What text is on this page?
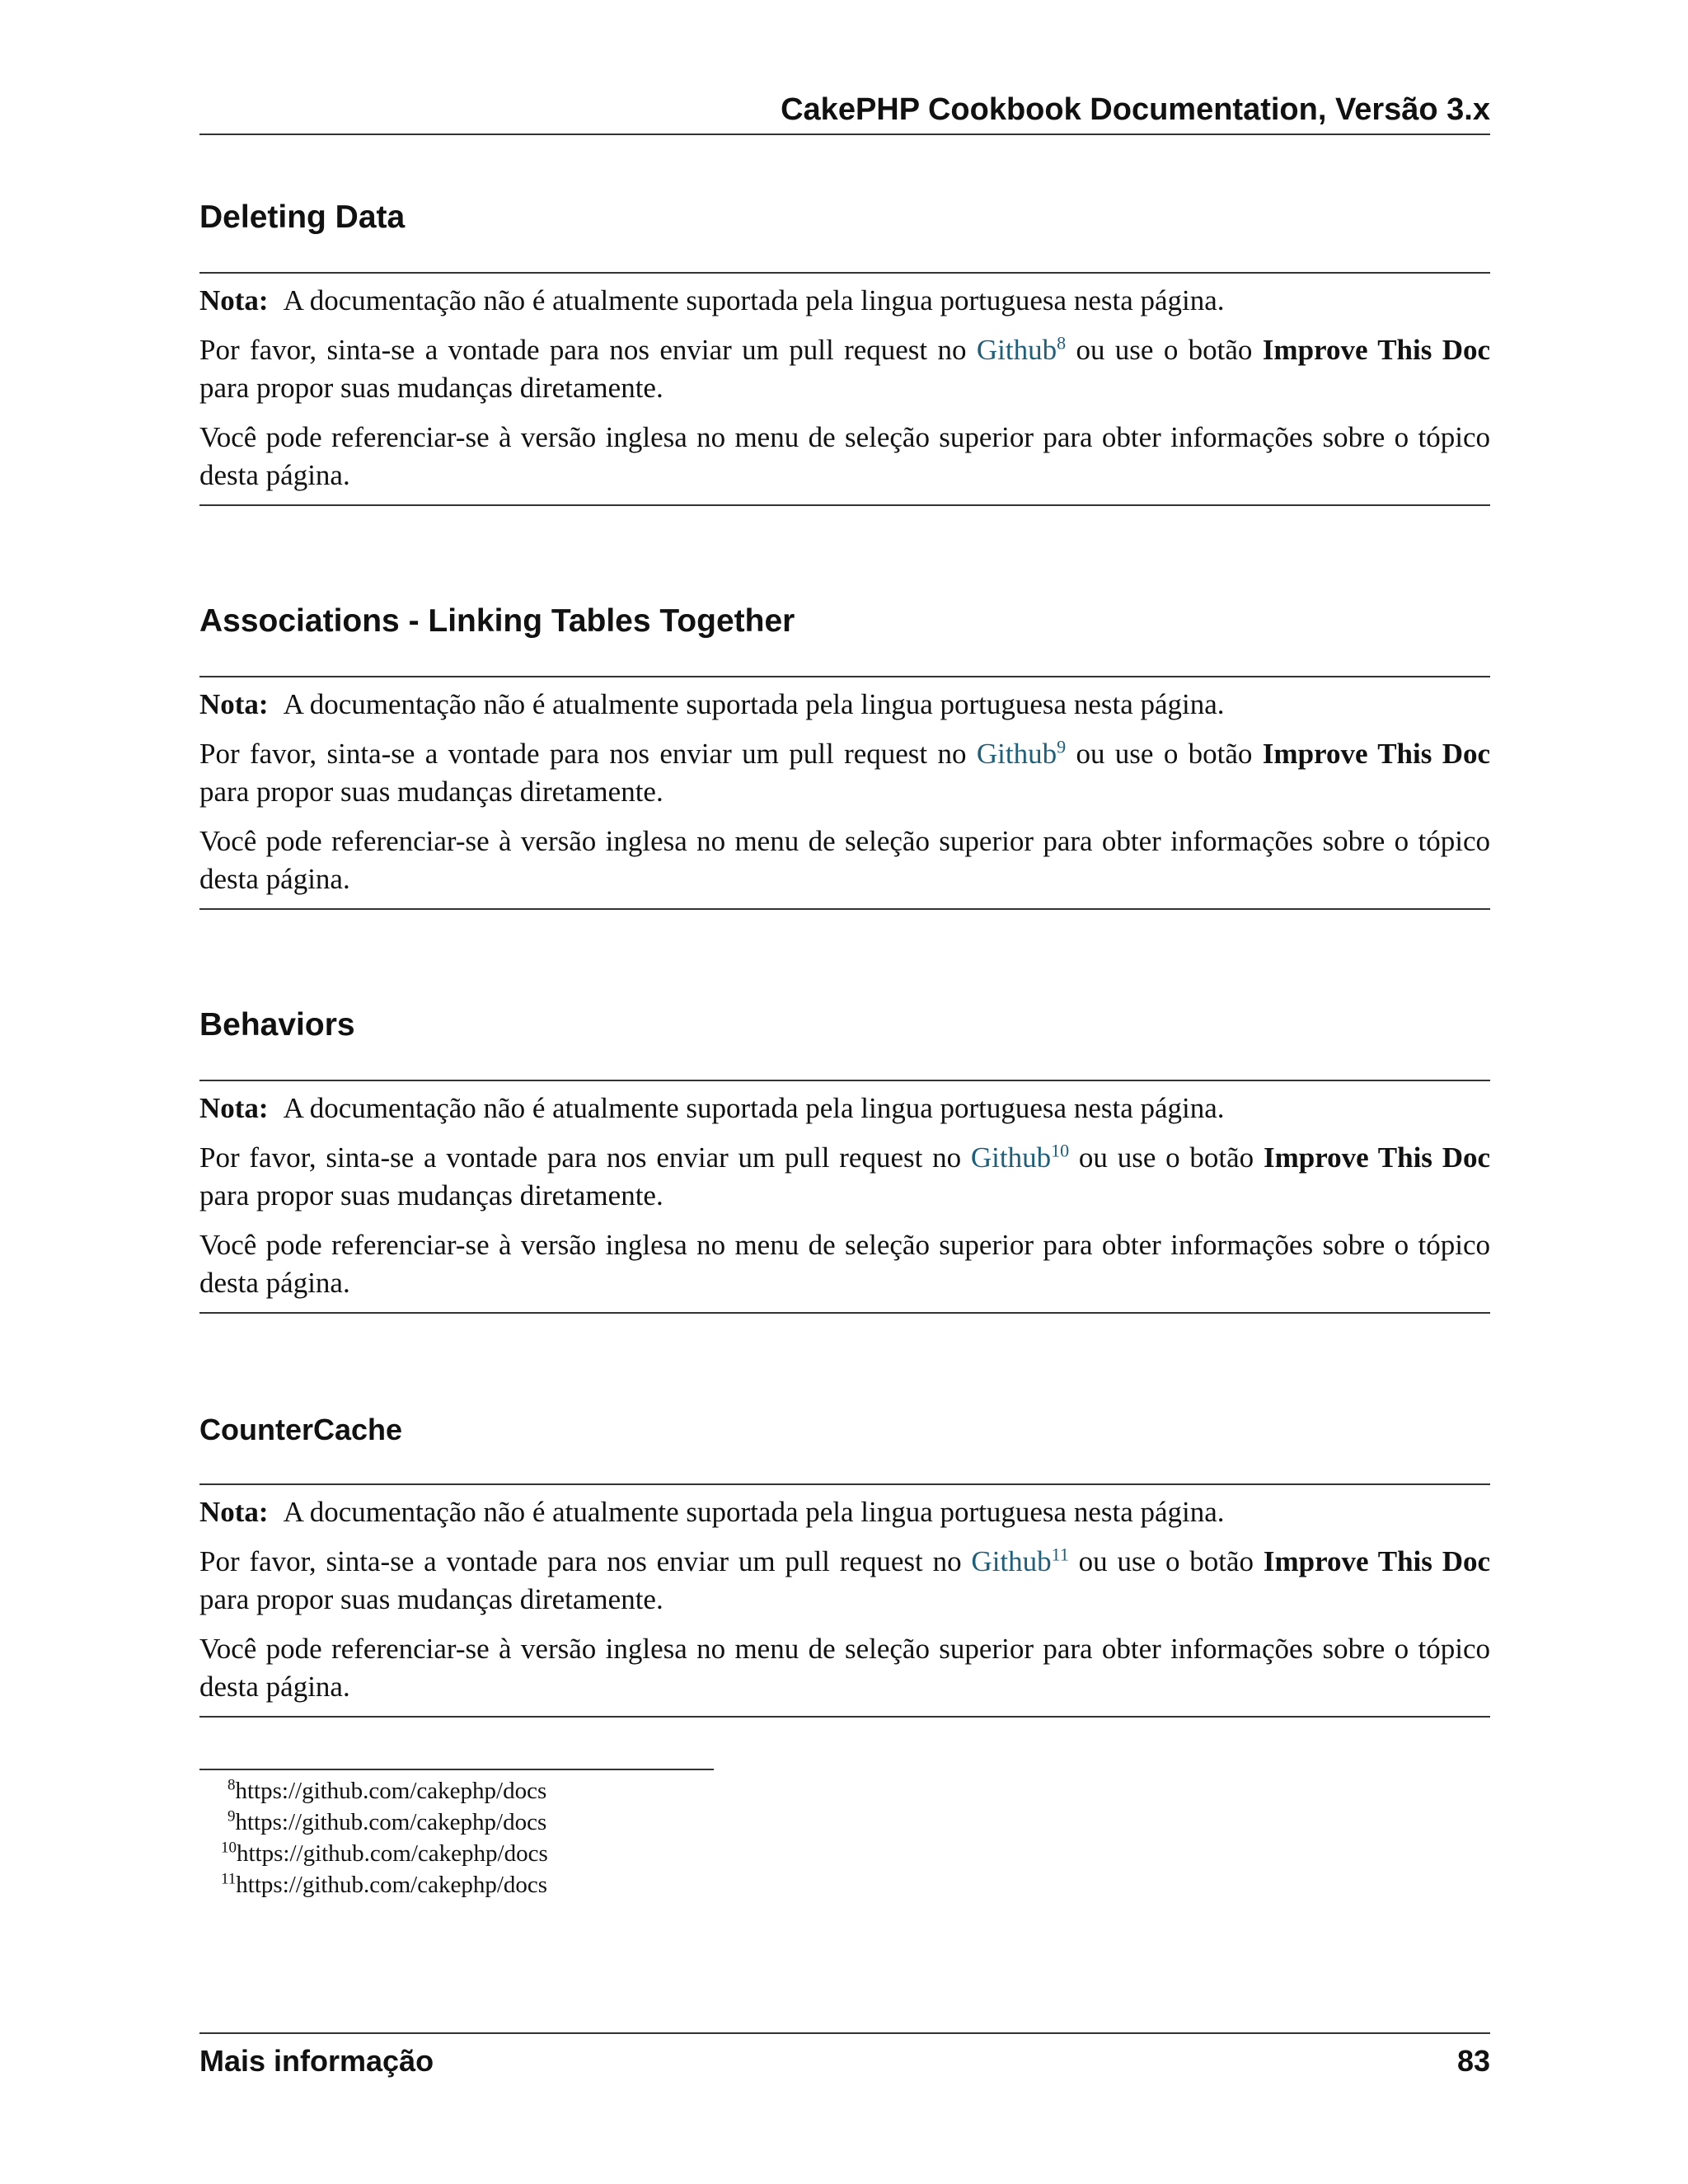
CakePHP Cookbook Documentation, Versão 3.x
Deleting Data

Nota: A documentação não é atualmente suportada pela lingua portuguesa nesta página.

Por favor, sinta-se a vontade para nos enviar um pull request no Github$^8$ ou use o botão Improve This Doc para propor suas mudanças diretamente.

Você pode referenciar-se à versão inglesa no menu de seleção superior para obter informações sobre o tópico desta página.

Associations - Linking Tables Together

Nota: A documentação não é atualmente suportada pela lingua portuguesa nesta página.

Por favor, sinta-se a vontade para nos enviar um pull request no Github$^9$ ou use o botão Improve This Doc para propor suas mudanças diretamente.

Você pode referenciar-se à versão inglesa no menu de seleção superior para obter informações sobre o tópico desta página.

Behaviors

Nota: A documentação não é atualmente suportada pela lingua portuguesa nesta página.

Por favor, sinta-se a vontade para nos enviar um pull request no Github$^{10}$ ou use o botão Improve This Doc para propor suas mudanças diretamente.

Você pode referenciar-se à versão inglesa no menu de seleção superior para obter informações sobre o tópico desta página.

CounterCache

Nota: A documentação não é atualmente suportada pela lingua portuguesa nesta página.

Por favor, sinta-se a vontade para nos enviar um pull request no Github$^{11}$ ou use o botão Improve This Doc para propor suas mudanças diretamente.

Você pode referenciar-se à versão inglesa no menu de seleção superior para obter informações sobre o tópico desta página.

$^8$https://github.com/cakephp/docs
$^9$https://github.com/cakephp/docs
$^{10}$https://github.com/cakephp/docs
$^{11}$https://github.com/cakephp/docs
Mais informação	83
